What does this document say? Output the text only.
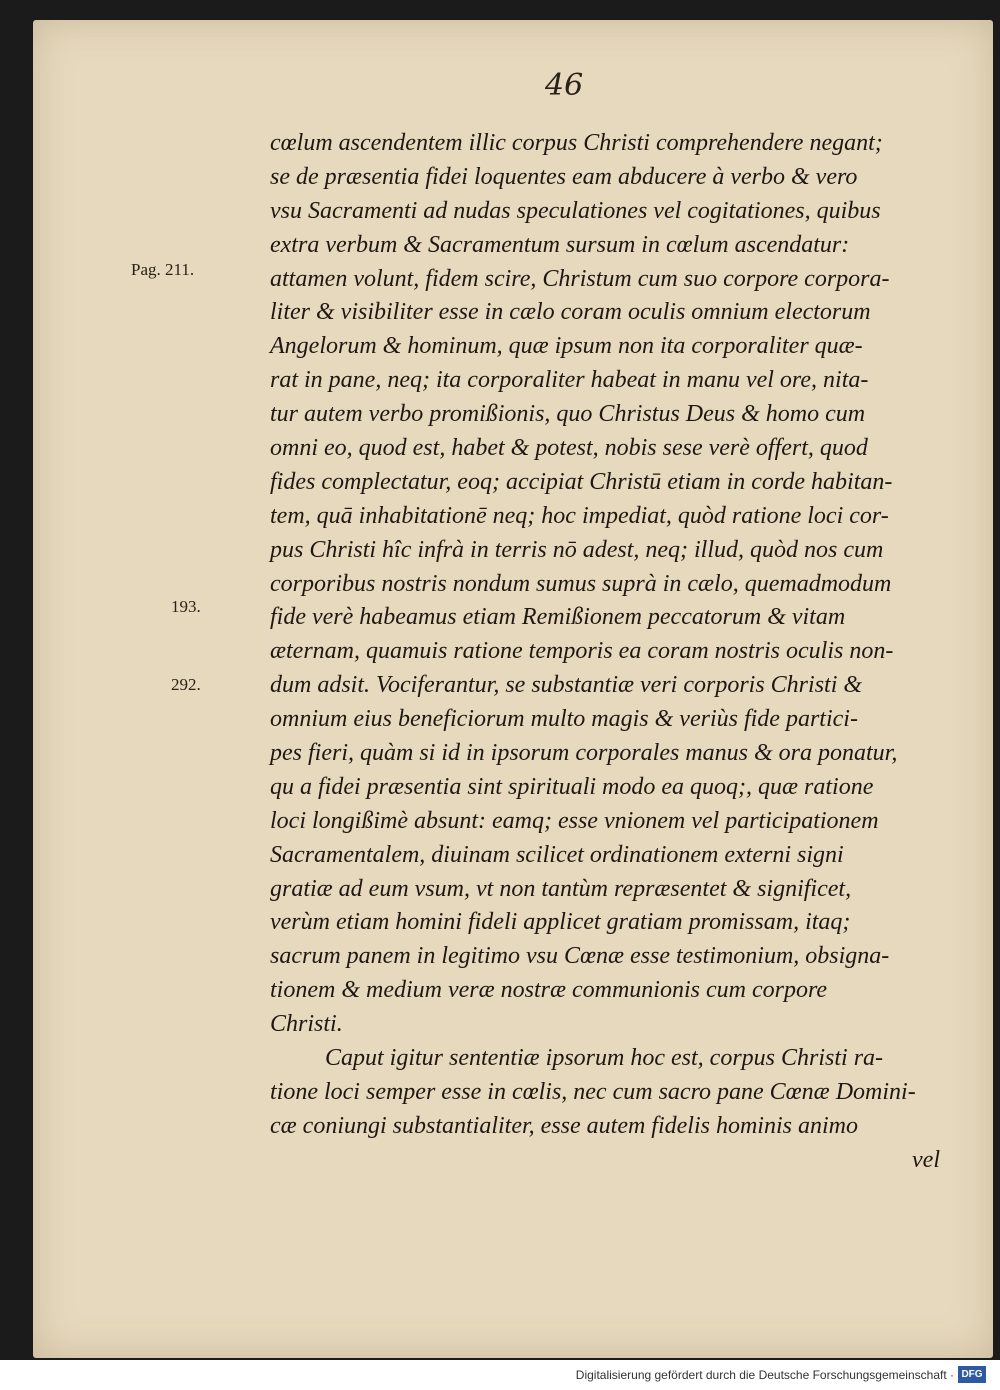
46
Pag. 211.
193.
292.
cœlum ascendentem illic corpus Christi comprehendere negant;
se de præsentia fidei loquentes eam abducere à verbo & vero
vsu Sacramenti ad nudas speculationes vel cogitationes, quibus
extra verbum & Sacramentum sursum in cœlum ascendatur:
attamen volunt, fidem scire, Christum cum suo corpore corpora-
liter & visibiliter esse in cælo coram oculis omnium electorum
Angelorum & hominum, quæ ipsum non ita corporaliter quæ-
rat in pane, neq; ita corporaliter habeat in manu vel ore, nita-
tur autem verbo promißionis, quo Christus Deus & homo cum
omni eo, quod est, habet & potest, nobis sese verè offert, quod
fides complectatur, eoq; accipiat Christū etiam in corde habitan-
tem, quā inhabitationē neq; hoc impediat, quòd ratione loci cor-
pus Christi hîc infrà in terris nō adest, neq; illud, quòd nos cum
corporibus nostris nondum sumus suprà in cælo, quemadmodum
fide verè habeamus etiam Remißionem peccatorum & vitam
æternam, quamuis ratione temporis ea coram nostris oculis non-
dum adsit. Vociferantur, se substantiæ veri corporis Christi &
omnium eius beneficiorum multo magis & veriùs fide partici-
pes fieri, quàm si id in ipsorum corporales manus & ora ponatur,
qu a fidei præsentia sint spirituali modo ea quoq;, quæ ratione
loci longißimè absunt: eamq; esse vnionem vel participationem
Sacramentalem, diuinam scilicet ordinationem externi signi
gratiæ ad eum vsum, vt non tantùm repræsentet & significet,
verùm etiam homini fideli applicet gratiam promissam, itaq;
sacrum panem in legitimo vsu Cœnæ esse testimonium, obsigna-
tionem & medium veræ nostræ communionis cum corpore
Christi.
Caput igitur sententiæ ipsorum hoc est, corpus Christi ra-
tione loci semper esse in cœlis, nec cum sacro pane Cœnæ Domini-
cæ coniungi substantialiter, esse autem fidelis hominis animo
vel
Digitalisierung gefördert durch die Deutsche Forschungsgemeinschaft · DFG
